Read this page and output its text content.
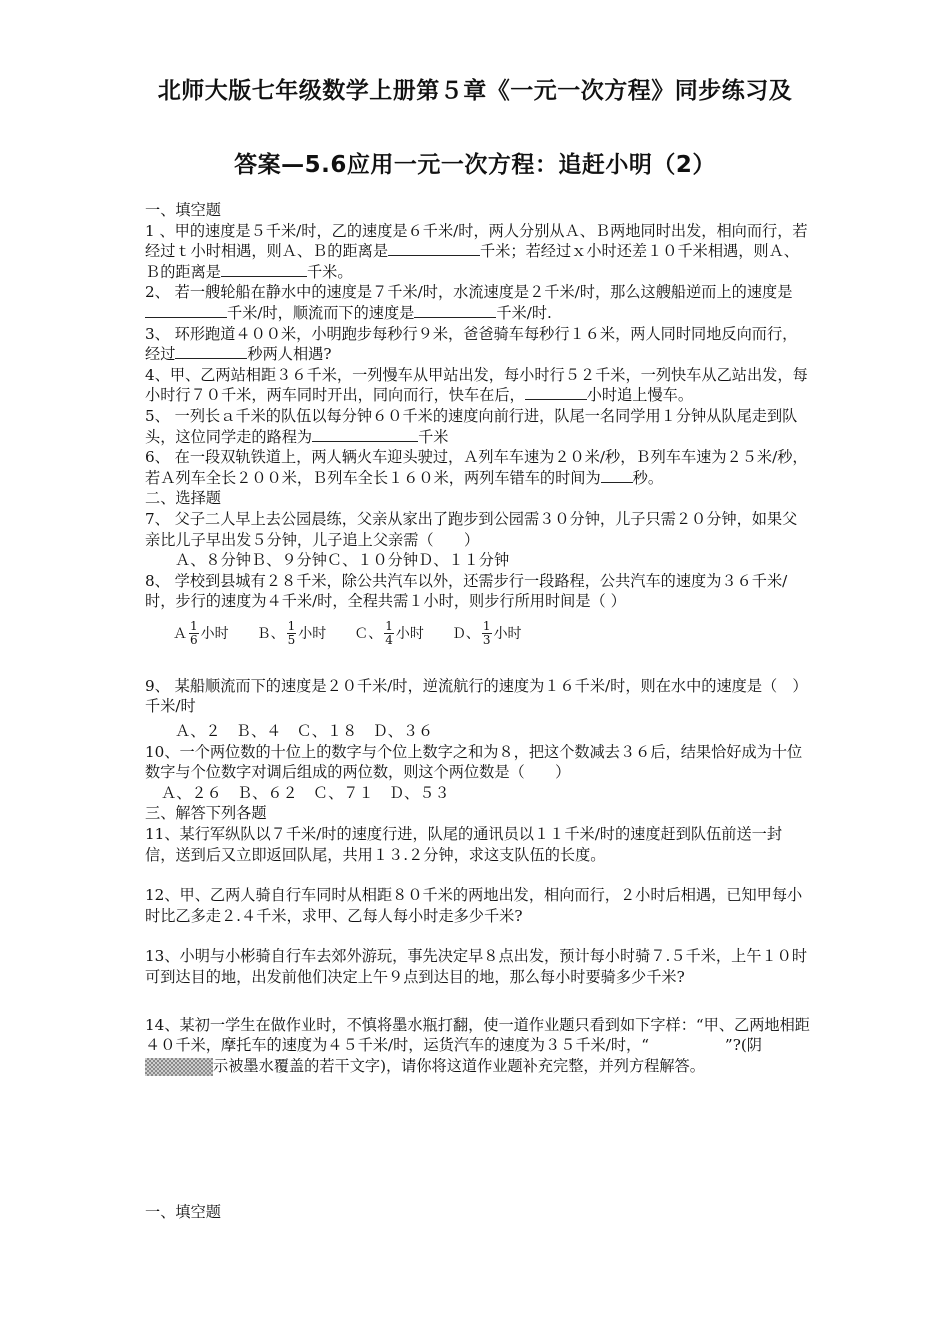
北师大版七年级数学上册第５章《一元一次方程》同步练习及
答案—5.6应用一元一次方程：追赶小明（2）
一、填空题
1 、甲的速度是５千米/时，乙的速度是６千米/时，两人分别从Ａ、Ｂ两地同时出发，相向而行，若经过ｔ小时相遇，则Ａ、Ｂ的距离是	千米；若经过ｘ小时还差１０千米相遇，则Ａ、Ｂ的距离是	千米。
2、 若一艘轮船在静水中的速度是７千米/时，水流速度是２千米/时，那么这艘船逆而上的速度是千米/时，顺流而下的速度是	千米/时.
3、 环形跑道４００米，小明跑步每秒行９米，爸爸骑车每秒行１６米，两人同时同地反向而行，经过	秒两人相遇?
4、甲、乙两站相距３６千米，一列慢车从甲站出发，每小时行５２千米，一列快车从乙站出发，每小时行７０千米，两车同时开出，同向而行，快车在后，	小时追上慢车。
5、 一列长ａ千米的队伍以每分钟６０千米的速度向前行进，队尾一名同学用１分钟从队尾走到队头，这位同学走的路程为	千米
6、 在一段双轨铁道上，两人辆火车迎头驶过，Ａ列车车速为２０米/秒，Ｂ列车车速为２５米/秒，若Ａ列车全长２００米，Ｂ列车全长１６０米，两列车错车的时间为 秒。
二、选择题
7、 父子二人早上去公园晨练，父亲从家出了跑步到公园需３０分钟，儿子只需２０分钟，如果父亲比儿子早出发５分钟，儿子追上父亲需（　　）
Ａ、８分钟Ｂ、９分钟Ｃ、１０分钟Ｄ、１１分钟
8、 学校到县城有２８千米，除公共汽车以外，还需步行一段路程，公共汽车的速度为３６千米/时，步行的速度为４千米/时，全程共需１小时，则步行所用时间是（ ）
Ａ $\frac{1}{6}$ 小时 Ｂ、 $\frac{1}{5}$ 小时 Ｃ、 $\frac{1}{4}$ 小时 Ｄ、 $\frac{1}{3}$ 小时
9、 某船顺流而下的速度是２０千米/时，逆流航行的速度为１６千米/时，则在水中的速度是（　）千米/时
Ａ、２　Ｂ、４　Ｃ、１８　Ｄ、３６
10、一个两位数的十位上的数字与个位上数字之和为８，把这个数减去３６后，结果恰好成为十位数字与个位数字对调后组成的两位数，则这个两位数是（　　）
Ａ、２６　Ｂ、６２　Ｃ、７１　Ｄ、５３
三、解答下列各题
11、某行军纵队以７千米/时的速度行进，队尾的通讯员以１１千米/时的速度赶到队伍前送一封信，送到后又立即返回队尾，共用１３.２分钟，求这支队伍的长度。
12、甲、乙两人骑自行车同时从相距８０千米的两地出发，相向而行，２小时后相遇，已知甲每小时比乙多走２.４千米，求甲、乙每人每小时走多少千米?
13、小明与小彬骑自行车去郊外游玩，事先决定早８点出发，预计每小时骑７.５千米，上午１０时可到达目的地，出发前他们决定上午９点到达目的地，那么每小时要骑多少千米?
14、某初一学生在做作业时，不慎将墨水瓶打翻，使一道作业题只看到如下字样：“甲、乙两地相距４０千米，摩托车的速度为４５千米/时，运货汽车的速度为３５千米/时，“　　　　　”?(阴示被墨水覆盖的若干文字)，请你将这道作业题补充完整，并列方程解答。
一、填空题
